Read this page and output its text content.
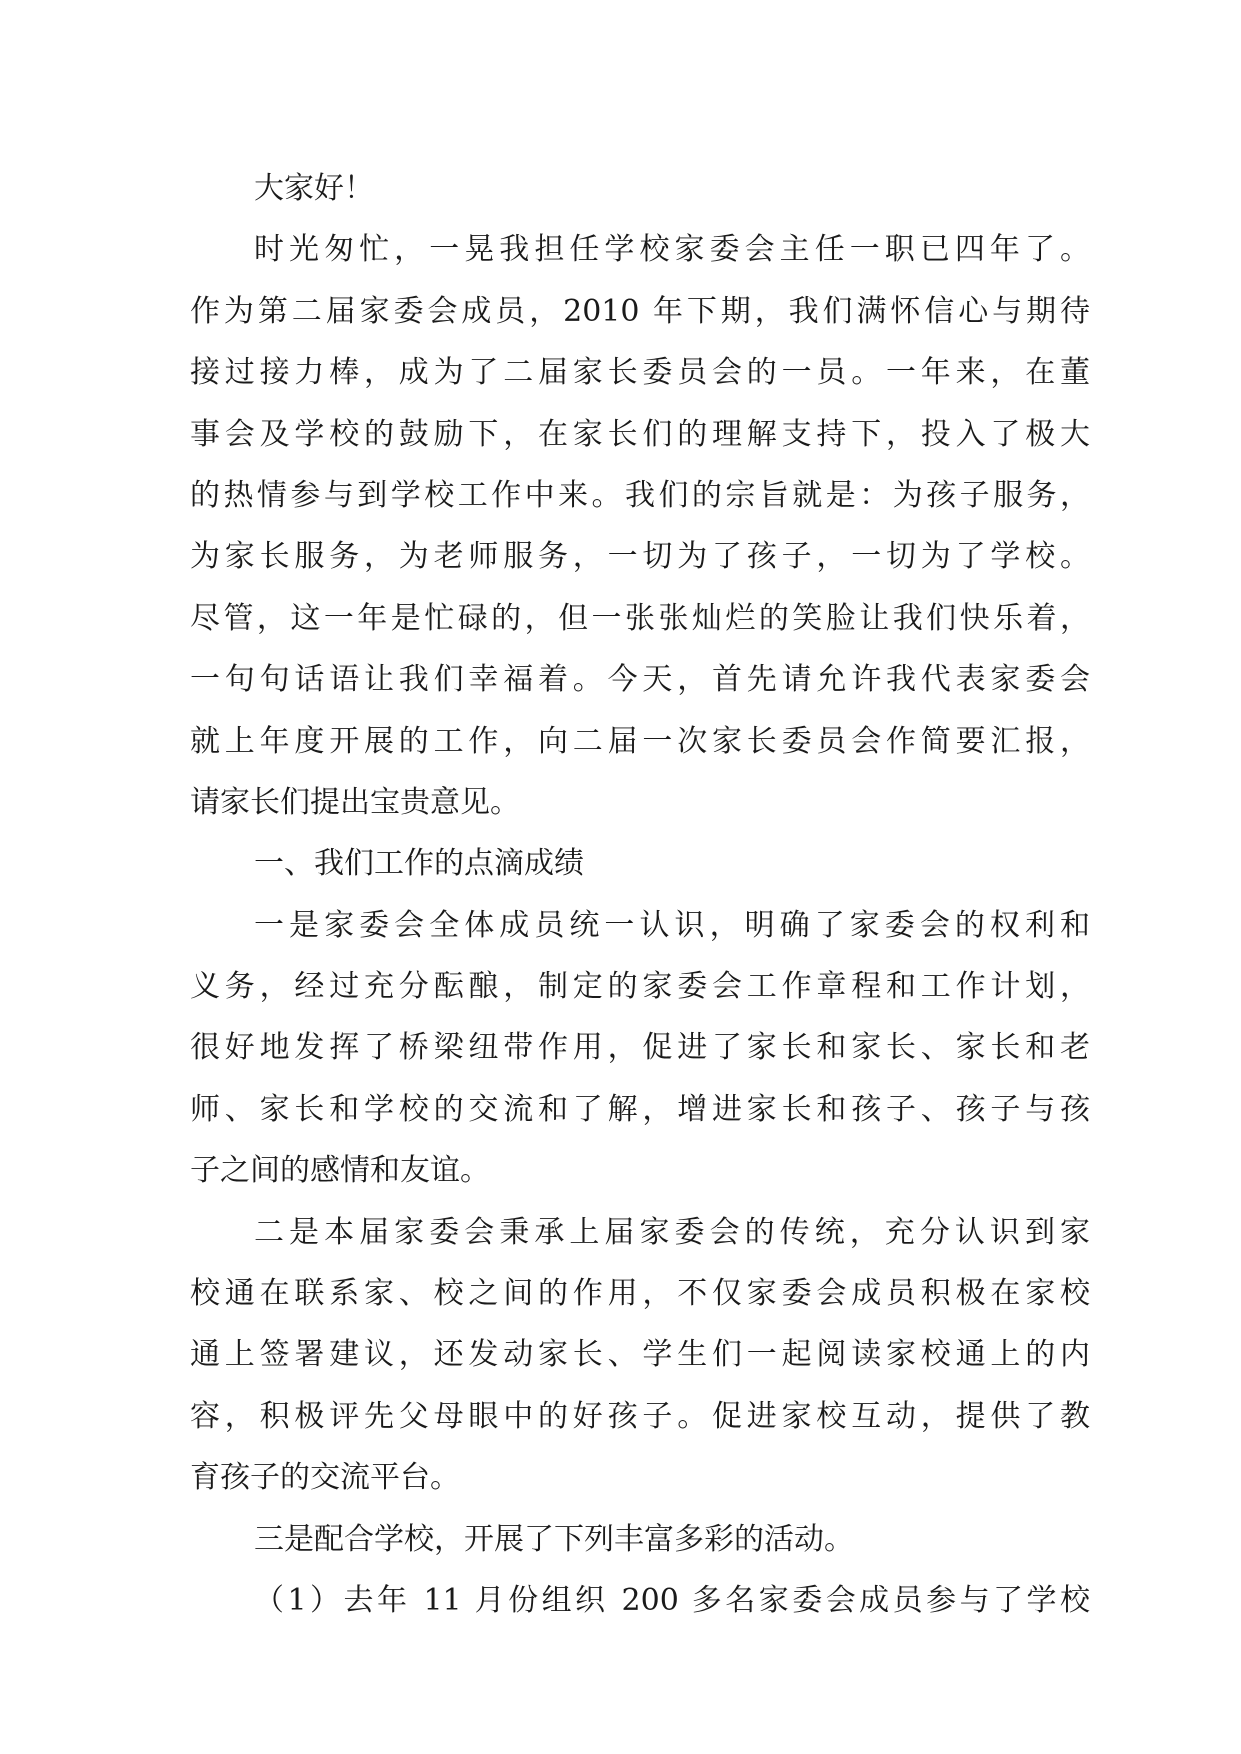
大家好！
时光匆忙，一晃我担任学校家委会主任一职已四年了。
作为第二届家委会成员，2010 年下期，我们满怀信心与期待
接过接力棒，成为了二届家长委员会的一员。一年来，在董
事会及学校的鼓励下，在家长们的理解支持下，投入了极大
的热情参与到学校工作中来。我们的宗旨就是：为孩子服务，
为家长服务，为老师服务，一切为了孩子，一切为了学校。
尽管，这一年是忙碌的，但一张张灿烂的笑脸让我们快乐着，
一句句话语让我们幸福着。今天，首先请允许我代表家委会
就上年度开展的工作，向二届一次家长委员会作简要汇报，
请家长们提出宝贵意见。
一、我们工作的点滴成绩
一是家委会全体成员统一认识，明确了家委会的权利和
义务，经过充分酝酿，制定的家委会工作章程和工作计划，
很好地发挥了桥梁纽带作用，促进了家长和家长、家长和老
师、家长和学校的交流和了解，增进家长和孩子、孩子与孩
子之间的感情和友谊。
二是本届家委会秉承上届家委会的传统，充分认识到家
校通在联系家、校之间的作用，不仅家委会成员积极在家校
通上签署建议，还发动家长、学生们一起阅读家校通上的内
容，积极评先父母眼中的好孩子。促进家校互动，提供了教
育孩子的交流平台。
三是配合学校，开展了下列丰富多彩的活动。
（1）去年 11 月份组织 200 多名家委会成员参与了学校
